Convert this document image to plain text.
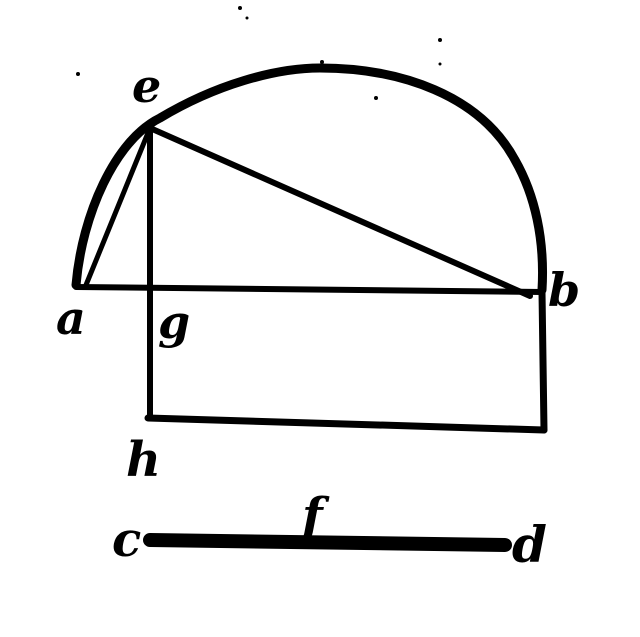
e
a g
b
h
c	f	d
